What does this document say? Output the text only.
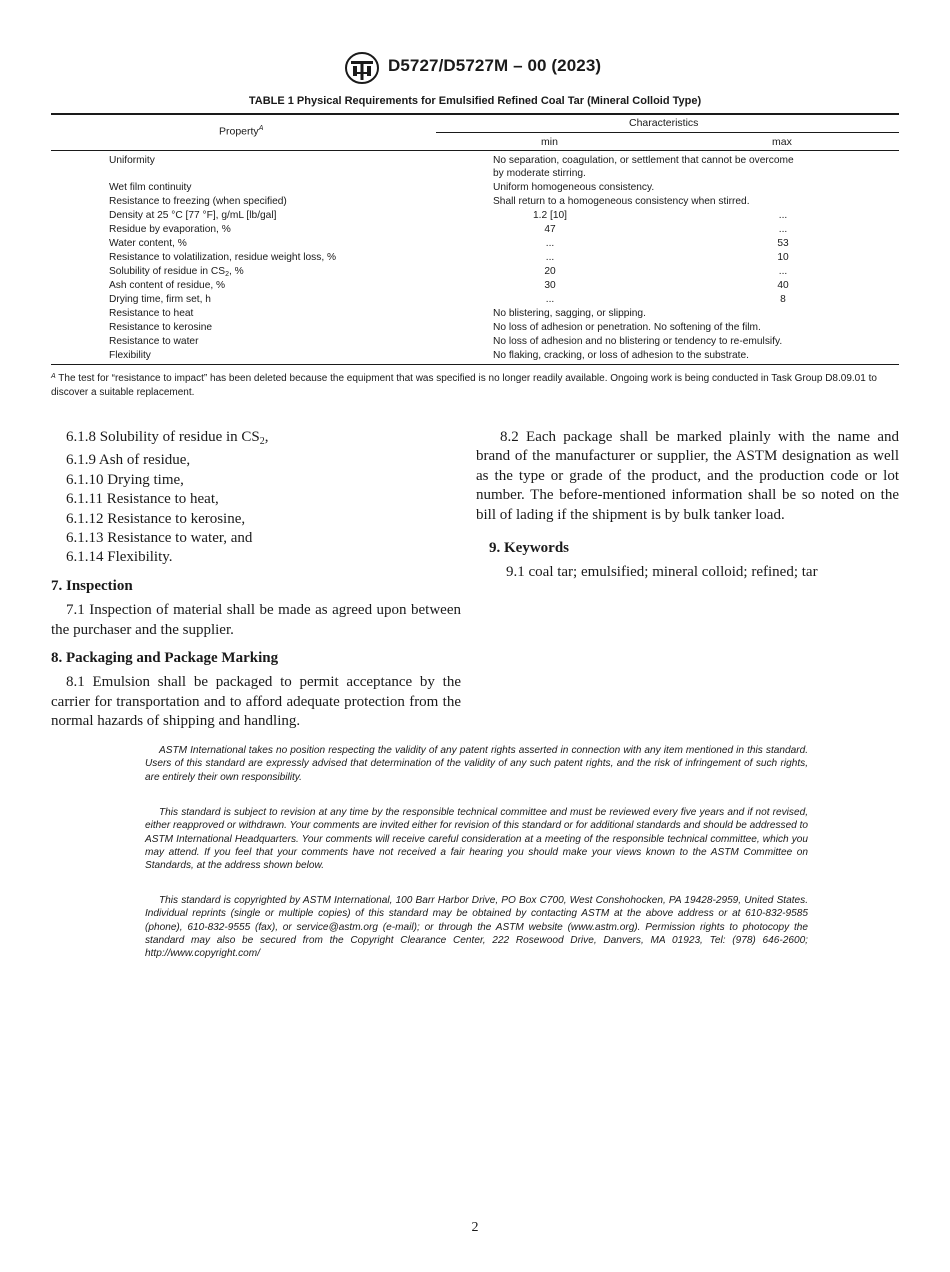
D5727/D5727M – 00 (2023)
TABLE 1 Physical Requirements for Emulsified Refined Coal Tar (Mineral Colloid Type)
Property$^A$	Characteristics
min	max
Uniformity	No separation, coagulation, or settlement that cannot be overcome
by moderate stirring.
Wet film continuity	Uniform homogeneous consistency.
Resistance to freezing (when specified)	Shall return to a homogeneous consistency when stirred.
Density at 25 °C [77 °F], g/mL [lb/gal]	1.2 [10]	...
Residue by evaporation, %	47	...
Water content, %	...	53
Resistance to volatilization, residue weight loss, %	...	10
Solubility of residue in $CS_2$, %	20	...
Ash content of residue, %	30	40
Drying time, firm set, h	...	8
Resistance to heat	No blistering, sagging, or slipping.
Resistance to kerosine	No loss of adhesion or penetration. No softening of the film.
Resistance to water	No loss of adhesion and no blistering or tendency to re-emulsify.
Flexibility	No flaking, cracking, or loss of adhesion to the substrate.
$^A$ The test for “resistance to impact” has been deleted because the equipment that was specified is no longer readily available. Ongoing work is being conducted in Task Group D8.09.01 to discover a suitable replacement.

6.1.8 Solubility of residue in $CS_2$,

6.1.9 Ash of residue,

6.1.10 Drying time,

6.1.11 Resistance to heat,

6.1.12 Resistance to kerosine,

6.1.13 Resistance to water, and

6.1.14 Flexibility.

7. Inspection

7.1 Inspection of material shall be made as agreed upon between the purchaser and the supplier.

8. Packaging and Package Marking

8.1 Emulsion shall be packaged to permit acceptance by the carrier for transportation and to afford adequate protection from the normal hazards of shipping and handling.

8.2 Each package shall be marked plainly with the name and brand of the manufacturer or supplier, the ASTM designation as well as the type or grade of the product, and the production code or lot number. The before-mentioned information shall be so noted on the bill of lading if the shipment is by bulk tanker load.

9. Keywords

9.1 coal tar; emulsified; mineral colloid; refined; tar

ASTM International takes no position respecting the validity of any patent rights asserted in connection with any item mentioned in this standard. Users of this standard are expressly advised that determination of the validity of any such patent rights, and the risk of infringement of such rights, are entirely their own responsibility.
This standard is subject to revision at any time by the responsible technical committee and must be reviewed every five years and if not revised, either reapproved or withdrawn. Your comments are invited either for revision of this standard or for additional standards and should be addressed to ASTM International Headquarters. Your comments will receive careful consideration at a meeting of the responsible technical committee, which you may attend. If you feel that your comments have not received a fair hearing you should make your views known to the ASTM Committee on Standards, at the address shown below.
This standard is copyrighted by ASTM International, 100 Barr Harbor Drive, PO Box C700, West Conshohocken, PA 19428-2959, United States. Individual reprints (single or multiple copies) of this standard may be obtained by contacting ASTM at the above address or at 610-832-9585 (phone), 610-832-9555 (fax), or service@astm.org (e-mail); or through the ASTM website (www.astm.org). Permission rights to photocopy the standard may also be secured from the Copyright Clearance Center, 222 Rosewood Drive, Danvers, MA 01923, Tel: (978) 646-2600; http://www.copyright.com/
2
